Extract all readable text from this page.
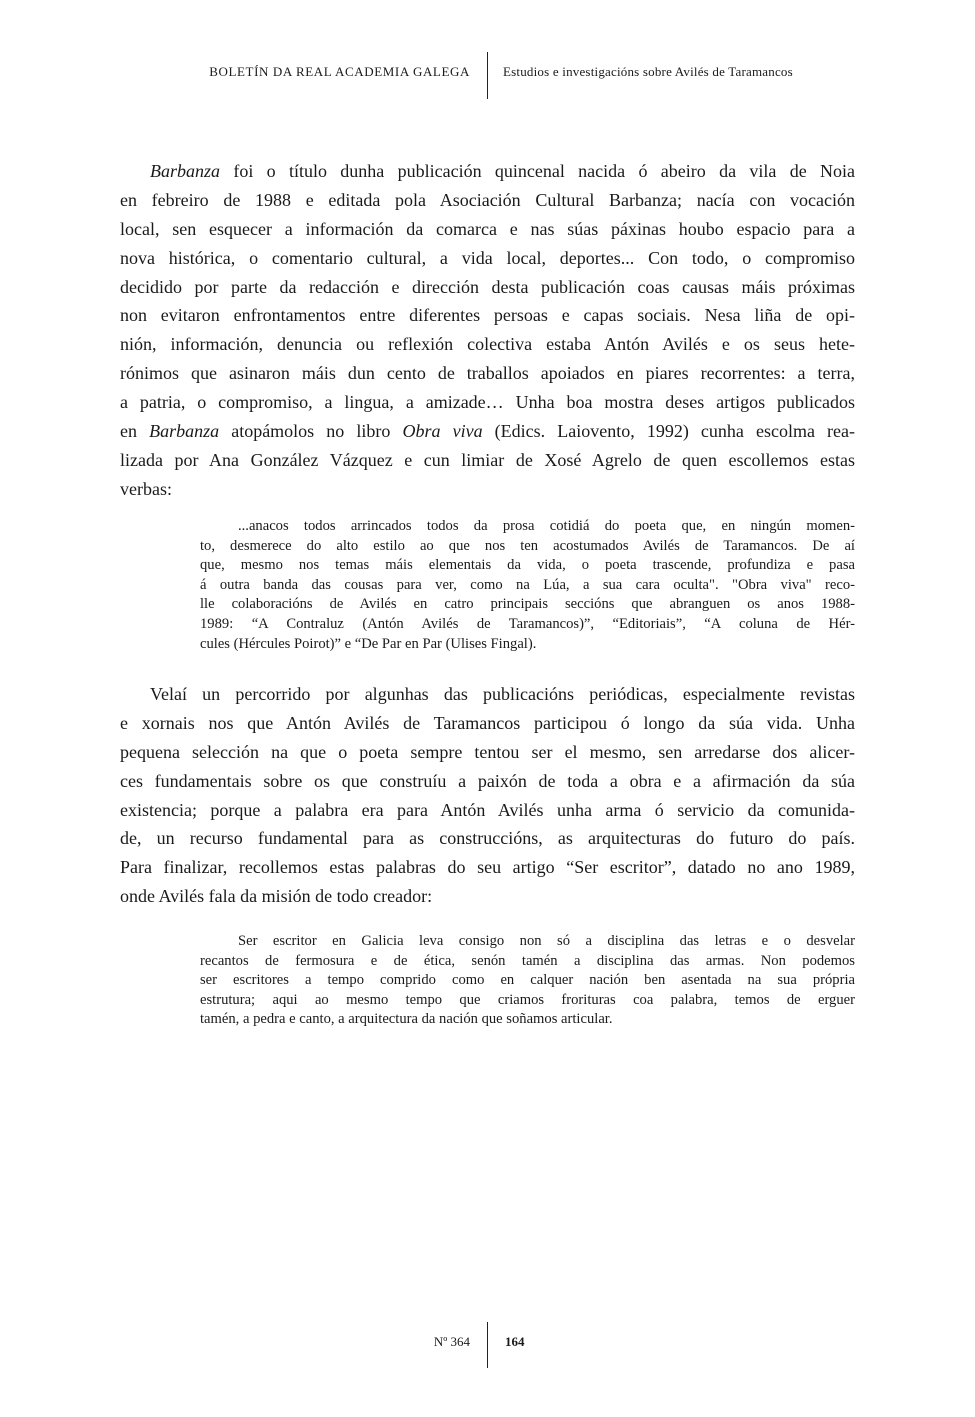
BOLETÍN DA REAL ACADEMIA GALEGA	Estudios e investigacións sobre Avilés de Taramancos
Barbanza foi o título dunha publicación quincenal nacida ó abeiro da vila de Noia
en febreiro de 1988 e editada pola Asociación Cultural Barbanza; nacía con vocación
local, sen esquecer a información da comarca e nas súas páxinas houbo espacio para a
nova histórica, o comentario cultural, a vida local, deportes... Con todo, o compromiso
decidido por parte da redacción e dirección desta publicación coas causas máis próximas
non evitaron enfrontamentos entre diferentes persoas e capas sociais. Nesa liña de opi-
nión, información, denuncia ou reflexión colectiva estaba Antón Avilés e os seus hete-
rónimos que asinaron máis dun cento de traballos apoiados en piares recorrentes: a terra,
a patria, o compromiso, a lingua, a amizade… Unha boa mostra deses artigos publicados
en Barbanza atopámolos no libro Obra viva (Edics. Laiovento, 1992) cunha escolma rea-
lizada por Ana González Vázquez e cun limiar de Xosé Agrelo de quen escollemos estas
verbas:
...anacos todos arrincados todos da prosa cotidiá do poeta que, en ningún momen-
to, desmerece do alto estilo ao que nos ten acostumados Avilés de Taramancos. De aí
que, mesmo nos temas máis elementais da vida, o poeta trascende, profundiza e pasa
á outra banda das cousas para ver, como na Lúa, a sua cara oculta". "Obra viva" reco-
lle colaboracións de Avilés en catro principais seccións que abranguen os anos 1988-
1989: “A Contraluz (Antón Avilés de Taramancos)”, “Editoriais”, “A coluna de Hér-
cules (Hércules Poirot)” e “De Par en Par (Ulises Fingal).
Velaí un percorrido por algunhas das publicacións periódicas, especialmente revistas
e xornais nos que Antón Avilés de Taramancos participou ó longo da súa vida. Unha
pequena selección na que o poeta sempre tentou ser el mesmo, sen arredarse dos alicer-
ces fundamentais sobre os que construíu a paixón de toda a obra e a afirmación da súa
existencia; porque a palabra era para Antón Avilés unha arma ó servicio da comunida-
de, un recurso fundamental para as construccións, as arquitecturas do futuro do país.
Para finalizar, recollemos estas palabras do seu artigo “Ser escritor”, datado no ano 1989,
onde Avilés fala da misión de todo creador:
Ser escritor en Galicia leva consigo non só a disciplina das letras e o desvelar
recantos de fermosura e de ética, senón tamén a disciplina das armas. Non podemos
ser escritores a tempo comprido como en calquer nación ben asentada na sua própria
estrutura; aqui ao mesmo tempo que criamos frorituras coa palabra, temos de erguer
tamén, a pedra e canto, a arquitectura da nación que soñamos articular.
Nº 364	164
